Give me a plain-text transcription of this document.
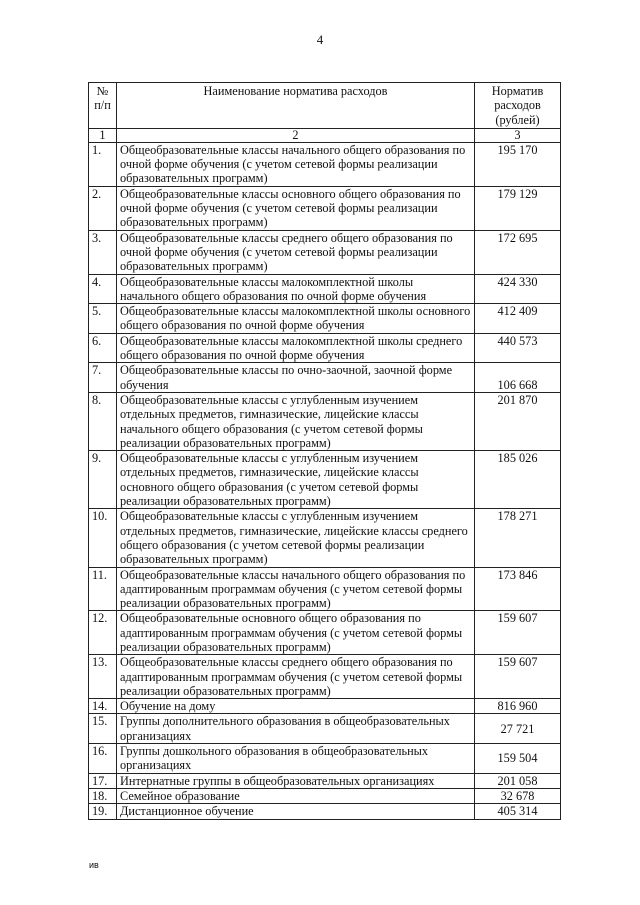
4
№ п/п	Наименование норматива расходов	Норматив расходов (рублей)
1	2	3
1.	Общеобразовательные классы начального общего образования по очной форме обучения (с учетом сетевой формы реализации образовательных программ)	195 170
2.	Общеобразовательные классы основного общего образования по очной форме обучения (с учетом сетевой формы реализации образовательных программ)	179 129
3.	Общеобразовательные классы среднего общего образования по очной форме обучения (с учетом сетевой формы реализации образовательных программ)	172 695
4.	Общеобразовательные классы малокомплектной школы начального общего образования по очной форме обучения	424 330
5.	Общеобразовательные классы малокомплектной школы основного общего образования по очной форме обучения	412 409
6.	Общеобразовательные классы малокомплектной школы среднего общего образования по очной форме обучения	440 573
7.	Общеобразовательные классы по очно-заочной, заочной форме обучения	106 668
8.	Общеобразовательные классы с углубленным изучением отдельных предметов, гимназические, лицейские классы начального общего образования (с учетом сетевой формы реализации образовательных программ)	201 870
9.	Общеобразовательные классы с углубленным изучением отдельных предметов, гимназические, лицейские классы основного общего образования (с учетом сетевой формы реализации образовательных программ)	185 026
10.	Общеобразовательные классы с углубленным изучением отдельных предметов, гимназические, лицейские классы среднего общего образования (с учетом сетевой формы реализации образовательных программ)	178 271
11.	Общеобразовательные классы начального общего образования по адаптированным программам обучения (с учетом сетевой формы реализации образовательных программ)	173 846
12.	Общеобразовательные основного общего образования по адаптированным программам обучения (с учетом сетевой формы реализации образовательных программ)	159 607
13.	Общеобразовательные классы среднего общего образования по адаптированным программам обучения (с учетом сетевой формы реализации образовательных программ)	159 607
14.	Обучение на дому	816 960
15.	Группы дополнительного образования в общеобразовательных организациях	27 721
16.	Группы дошкольного образования в общеобразовательных организациях	159 504
17.	Интернатные группы в общеобразовательных организациях	201 058
18.	Семейное образование	32 678
19.	Дистанционное обучение	405 314
ив
